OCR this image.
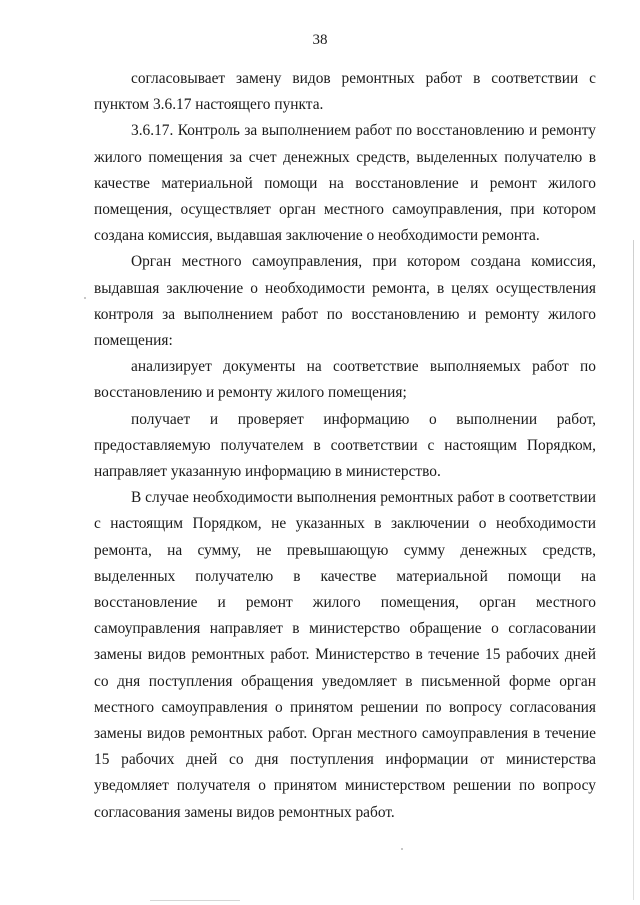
38

согласовывает замену видов ремонтных работ в соответствии с пунктом 3.6.17 настоящего пункта.

3.6.17. Контроль за выполнением работ по восстановлению и ремонту жилого помещения за счет денежных средств, выделенных получателю в качестве материальной помощи на восстановление и ремонт жилого помещения, осуществляет орган местного самоуправления, при котором создана комиссия, выдавшая заключение о необходимости ремонта.

Орган местного самоуправления, при котором создана комиссия, выдавшая заключение о необходимости ремонта, в целях осуществления контроля за выполнением работ по восстановлению и ремонту жилого помещения:

анализирует документы на соответствие выполняемых работ по восстановлению и ремонту жилого помещения;

получает и проверяет информацию о выполнении работ, предоставляемую получателем в соответствии с настоящим Порядком, направляет указанную информацию в министерство.

В случае необходимости выполнения ремонтных работ в соответствии с настоящим Порядком, не указанных в заключении о необходимости ремонта, на сумму, не превышающую сумму денежных средств, выделенных получателю в качестве материальной помощи на восстановление и ремонт жилого помещения, орган местного самоуправления направляет в министерство обращение о согласовании замены видов ремонтных работ. Министерство в течение 15 рабочих дней со дня поступления обращения уведомляет в письменной форме орган местного самоуправления о принятом решении по вопросу согласования замены видов ремонтных работ. Орган местного самоуправления в течение 15 рабочих дней со дня поступления информации от министерства уведомляет получателя о принятом министерством решении по вопросу согласования замены видов ремонтных работ.
